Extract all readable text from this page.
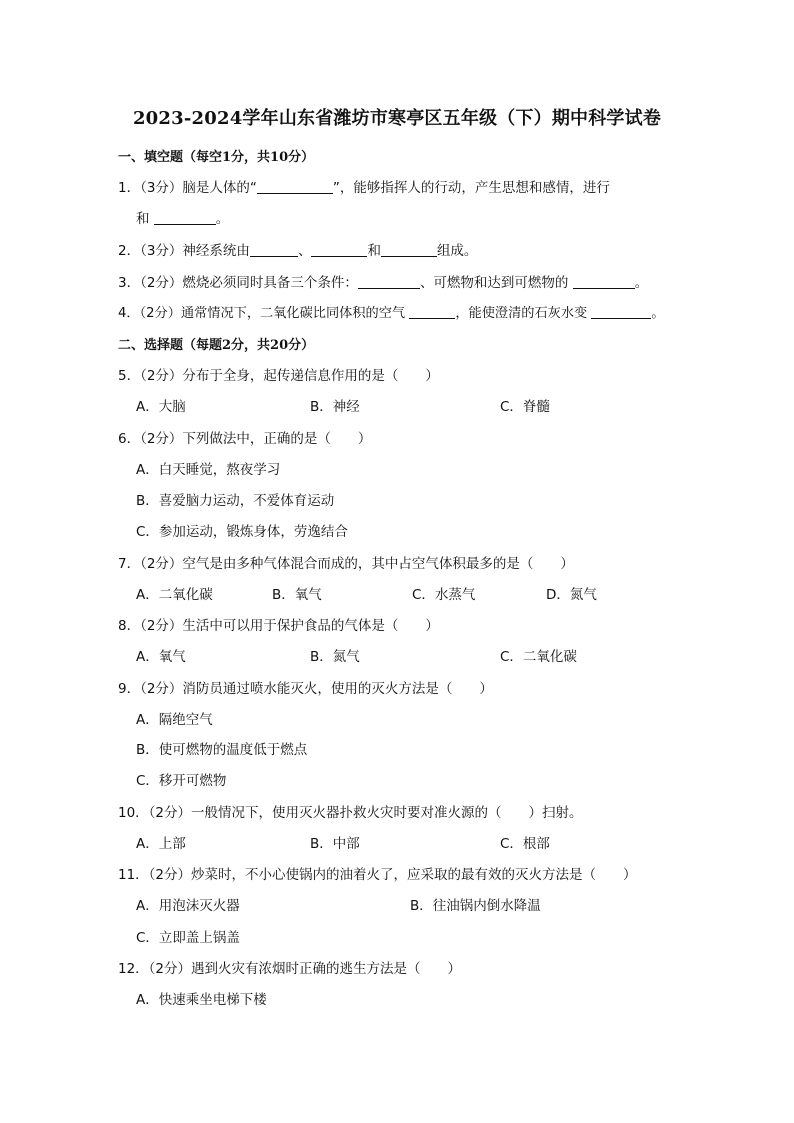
2023-2024学年山东省潍坊市寒亭区五年级（下）期中科学试卷
一、填空题（每空1分，共10分）
1．（3分）脑是人体的“	”，能够指挥人的行动，产生思想和感情，进行
和	。
2．（3分）神经系统由	、	和	组成。
3．（2分）燃烧必须同时具备三个条件：	、可燃物和达到可燃物的	。
4．（2分）通常情况下，二氧化碳比同体积的空气	，能使澄清的石灰水变	。
二、选择题（每题2分，共20分）
5．（2分）分布于全身，起传递信息作用的是（　　）
A．大脑	B．神经	C．脊髓
6．（2分）下列做法中，正确的是（　　）
A．白天睡觉，熬夜学习
B．喜爱脑力运动，不爱体育运动
C．参加运动，锻炼身体，劳逸结合
7．（2分）空气是由多种气体混合而成的，其中占空气体积最多的是（　　）
A．二氧化碳	B．氧气	C．水蒸气	D．氮气
8．（2分）生活中可以用于保护食品的气体是（　　）
A．氧气	B．氮气	C．二氧化碳
9．（2分）消防员通过喷水能灭火，使用的灭火方法是（　　）
A．隔绝空气
B．使可燃物的温度低于燃点
C．移开可燃物
10．（2分）一般情况下，使用灭火器扑救火灾时要对准火源的（　　）扫射。
A．上部	B．中部	C．根部
11．（2分）炒菜时，不小心使锅内的油着火了，应采取的最有效的灭火方法是（　　）
A．用泡沫灭火器	B．往油锅内倒水降温
C．立即盖上锅盖
12．（2分）遇到火灾有浓烟时正确的逃生方法是（　　）
A．快速乘坐电梯下楼
